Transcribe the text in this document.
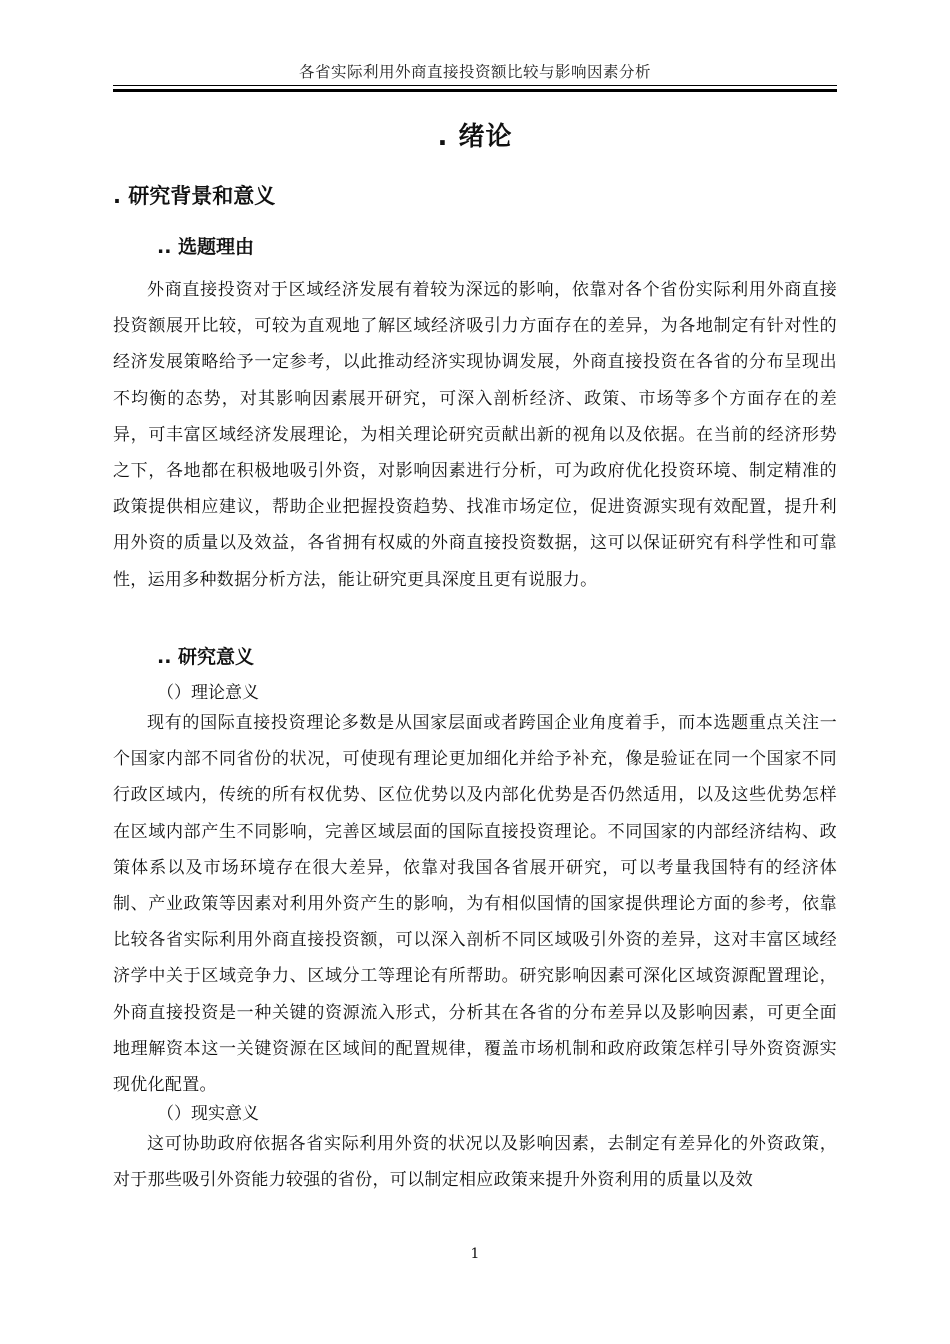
各省实际利用外商直接投资额比较与影响因素分析
. 绪论
. 研究背景和意义
.. 选题理由

外商直接投资对于区域经济发展有着较为深远的影响，依靠对各个省份实际利用外商直接投资额展开比较，可较为直观地了解区域经济吸引力方面存在的差异，为各地制定有针对性的经济发展策略给予一定参考，以此推动经济实现协调发展，外商直接投资在各省的分布呈现出不均衡的态势，对其影响因素展开研究，可深入剖析经济、政策、市场等多个方面存在的差异，可丰富区域经济发展理论，为相关理论研究贡献出新的视角以及依据。在当前的经济形势之下，各地都在积极地吸引外资，对影响因素进行分析，可为政府优化投资环境、制定精准的政策提供相应建议，帮助企业把握投资趋势、找准市场定位，促进资源实现有效配置，提升利用外资的质量以及效益，各省拥有权威的外商直接投资数据，这可以保证研究有科学性和可靠性，运用多种数据分析方法，能让研究更具深度且更有说服力。

.. 研究意义
（）理论意义

现有的国际直接投资理论多数是从国家层面或者跨国企业角度着手，而本选题重点关注一个国家内部不同省份的状况，可使现有理论更加细化并给予补充，像是验证在同一个国家不同行政区域内，传统的所有权优势、区位优势以及内部化优势是否仍然适用，以及这些优势怎样在区域内部产生不同影响，完善区域层面的国际直接投资理论。不同国家的内部经济结构、政策体系以及市场环境存在很大差异，依靠对我国各省展开研究，可以考量我国特有的经济体制、产业政策等因素对利用外资产生的影响，为有相似国情的国家提供理论方面的参考，依靠比较各省实际利用外商直接投资额，可以深入剖析不同区域吸引外资的差异，这对丰富区域经济学中关于区域竞争力、区域分工等理论有所帮助。研究影响因素可深化区域资源配置理论，外商直接投资是一种关键的资源流入形式，分析其在各省的分布差异以及影响因素，可更全面地理解资本这一关键资源在区域间的配置规律，覆盖市场机制和政府政策怎样引导外资资源实现优化配置。

（）现实意义

这可协助政府依据各省实际利用外资的状况以及影响因素，去制定有差异化的外资政策，对于那些吸引外资能力较强的省份，可以制定相应政策来提升外资利用的质量以及效

1
